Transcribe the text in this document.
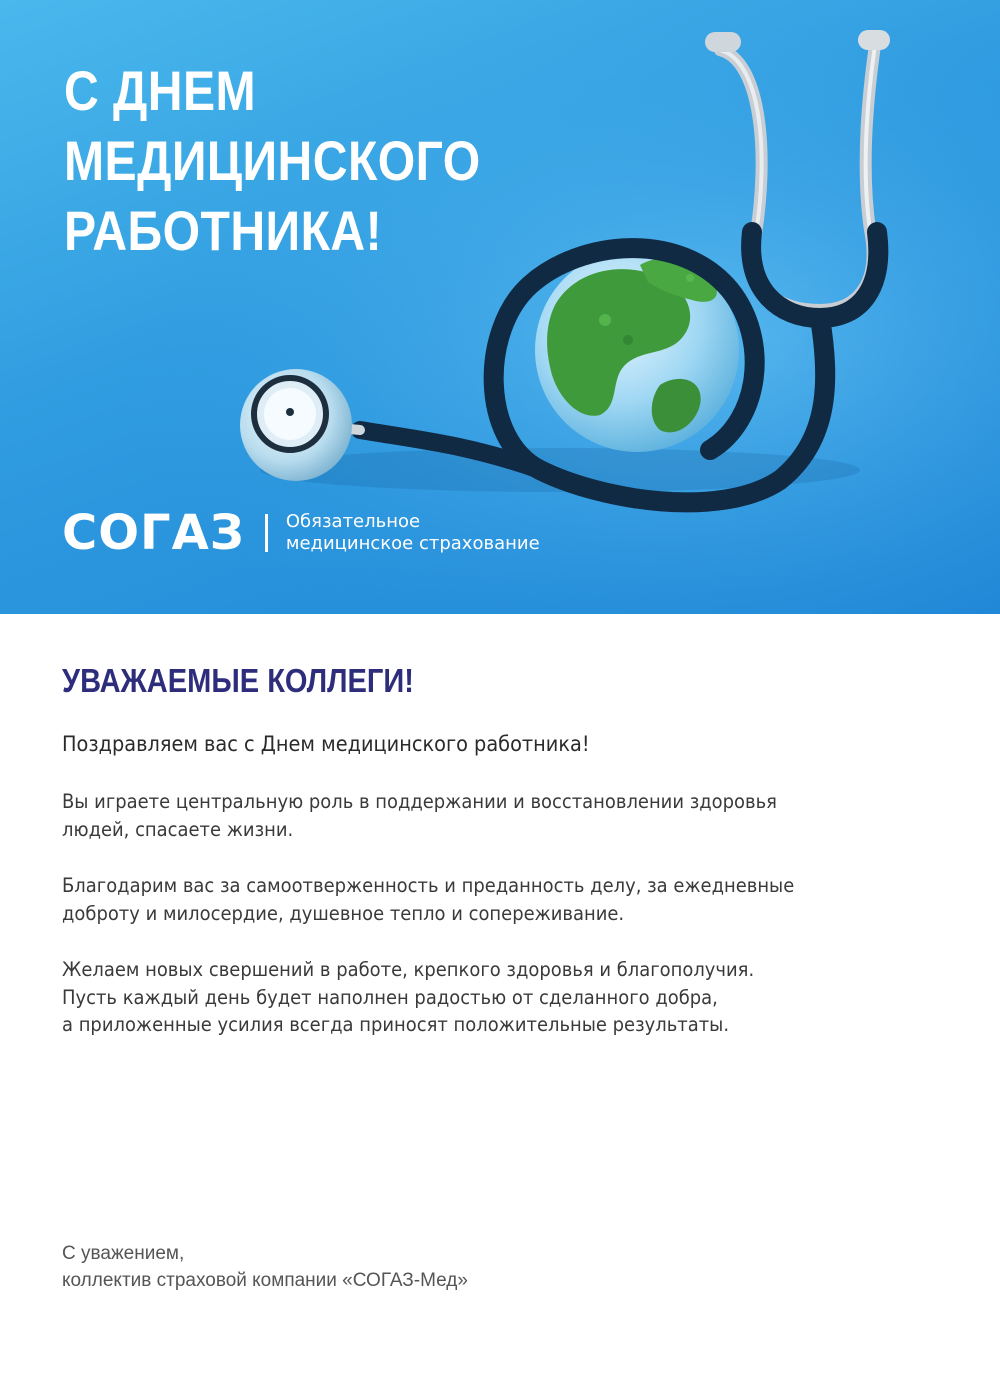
С ДНЕМ
МЕДИЦИНСКОГО
РАБОТНИКА!
СОГАЗ Обязательное
медицинское страхование
УВАЖАЕМЫЕ КОЛЛЕГИ!

Поздравляем вас с Днем медицинского работника!

Вы играете центральную роль в поддержании и восстановлении здоровья
людей, спасаете жизни.

Благодарим вас за самоотверженность и преданность делу, за ежедневные
доброту и милосердие, душевное тепло и сопереживание.

Желаем новых свершений в работе, крепкого здоровья и благополучия.
Пусть каждый день будет наполнен радостью от сделанного добра,
а приложенные усилия всегда приносят положительные результаты.

С уважением,
коллектив страховой компании «СОГАЗ-Мед»
